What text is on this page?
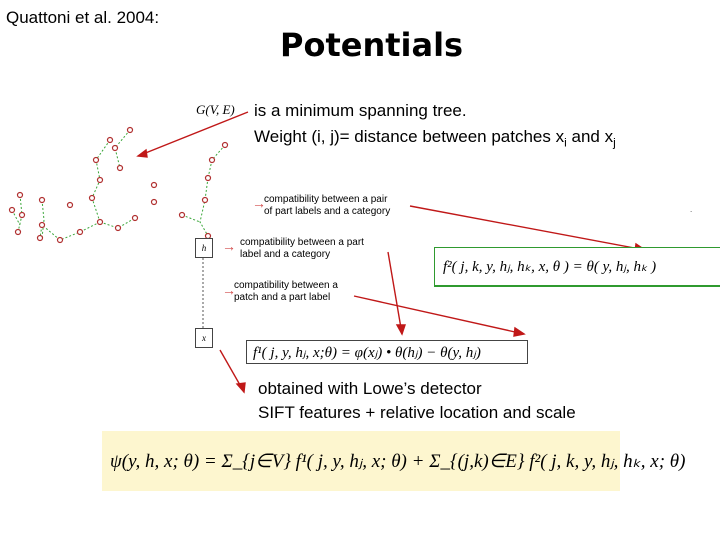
Quattoni et al. 2004:
Potentials
G(V, E) is a minimum spanning tree.
Weight (i, j)= distance between patches $x_i$ and $x_j$
.
h
x
→
compatibility between a pair
of part labels and a category
→ compatibility between a part
label and a category
→
compatibility between a
patch and a part label
f²( j, k, y, hⱼ, hₖ, x, θ ) = θ( y, hⱼ, hₖ )
f¹( j, y, hⱼ, x;θ) = φ(xⱼ) • θ(hⱼ) − θ(y, hⱼ)
obtained with Lowe’s detector
SIFT features + relative location and scale
ψ(y, h, x; θ) = Σ_{j∈V} f¹( j, y, hⱼ, x; θ) + Σ_{(j,k)∈E} f²( j, k, y, hⱼ, hₖ, x; θ)
